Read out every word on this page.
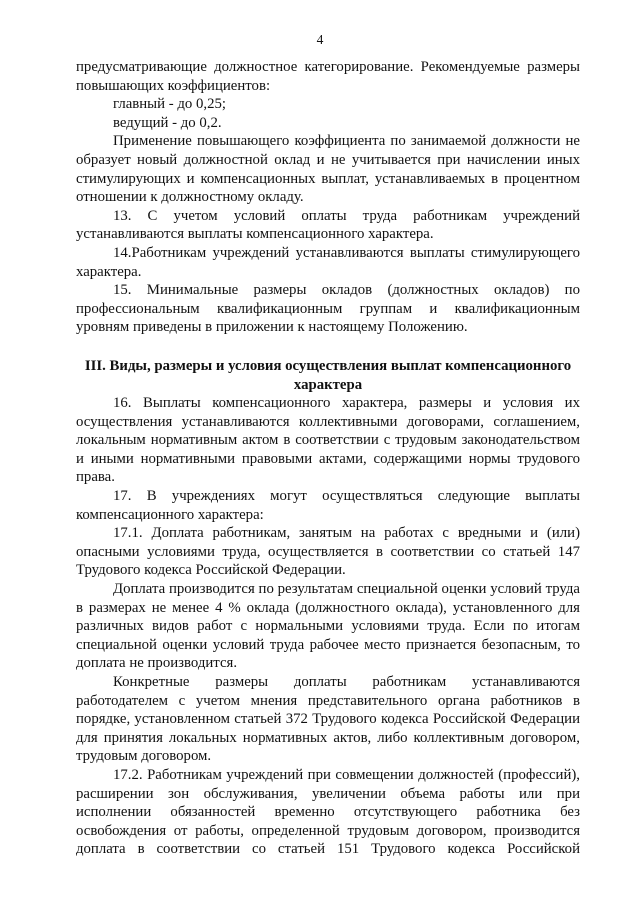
4

предусматривающие должностное категорирование. Рекомендуемые размеры повышающих коэффициентов:

главный - до 0,25;

ведущий - до 0,2.

Применение повышающего коэффициента по занимаемой должности не образует новый должностной оклад и не учитывается при начислении иных стимулирующих и компенсационных выплат, устанавливаемых в процентном отношении к должностному окладу.

13. С учетом условий оплаты труда работникам учреждений устанавливаются выплаты компенсационного характера.

14.Работникам учреждений устанавливаются выплаты стимулирующего характера.

15. Минимальные размеры окладов (должностных окладов) по профессиональным квалификационным группам и квалификационным уровням приведены в приложении к настоящему Положению.

III. Виды, размеры и условия осуществления выплат компенсационного характера

16. Выплаты компенсационного характера, размеры и условия их осуществления устанавливаются коллективными договорами, соглашением, локальным нормативным актом в соответствии с трудовым законодательством и иными нормативными правовыми актами, содержащими нормы трудового права.

17. В учреждениях могут осуществляться следующие выплаты компенсационного характера:

17.1. Доплата работникам, занятым на работах с вредными и (или) опасными условиями труда, осуществляется в соответствии со статьей 147 Трудового кодекса Российской Федерации.

Доплата производится по результатам специальной оценки условий труда в размерах не менее 4 % оклада (должностного оклада), установленного для различных видов работ с нормальными условиями труда. Если по итогам специальной оценки условий труда рабочее место признается безопасным, то доплата не производится.

Конкретные размеры доплаты работникам устанавливаются работодателем с учетом мнения представительного органа работников в порядке, установленном статьей 372 Трудового кодекса Российской Федерации для принятия локальных нормативных актов, либо коллективным договором, трудовым договором.

17.2. Работникам учреждений при совмещении должностей (профессий), расширении зон обслуживания, увеличении объема работы или при исполнении обязанностей временно отсутствующего работника без освобождения от работы, определенной трудовым договором, производится доплата в соответствии со статьей 151 Трудового кодекса Российской
